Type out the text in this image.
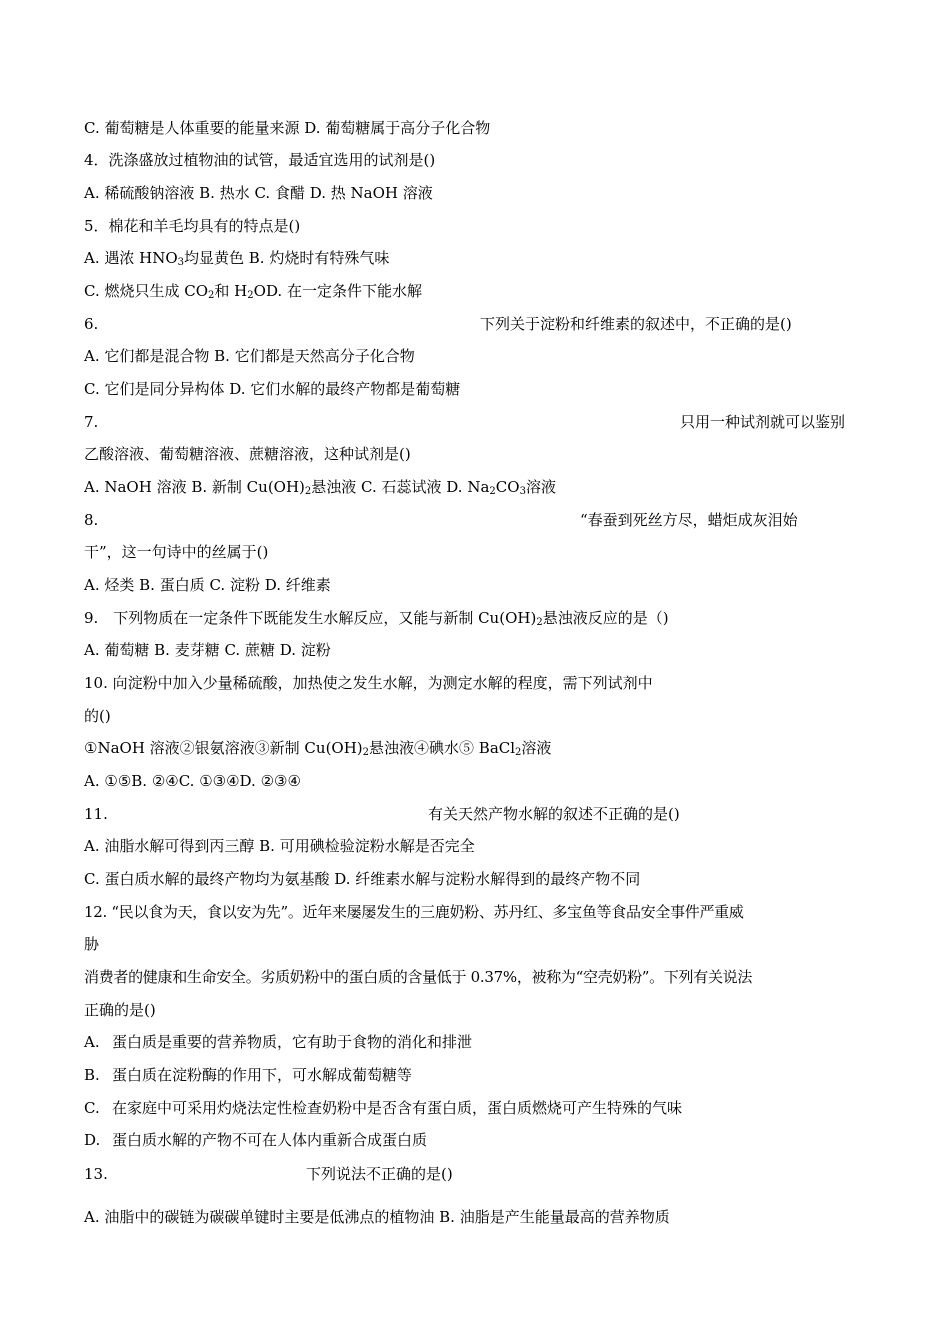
C. 葡萄糖是人体重要的能量来源 D. 葡萄糖属于高分子化合物
4．洗涤盛放过植物油的试管，最适宜选用的试剂是()
A. 稀硫酸钠溶液 B. 热水 C. 食醋 D. 热 NaOH 溶液
5．棉花和羊毛均具有的特点是()
A. 遇浓 $HNO_3$均显黄色 B. 灼烧时有特殊气味
C. 燃烧只生成 $CO_2$和 $H_2OD$. 在一定条件下能水解
6.	下列关于淀粉和纤维素的叙述中，不正确的是()
A. 它们都是混合物 B. 它们都是天然高分子化合物
C. 它们是同分异构体 D. 它们水解的最终产物都是葡萄糖
7.	只用一种试剂就可以鉴别
乙酸溶液、葡萄糖溶液、蔗糖溶液，这种试剂是()
A. NaOH 溶液 B. 新制 $Cu(OH)_2$悬浊液 C. 石蕊试液 D. $Na_2CO_3$溶液
8.	“春蚕到死丝方尽，蜡炬成灰泪始
干”，这一句诗中的丝属于()
A. 烃类 B. 蛋白质 C. 淀粉 D. 纤维素
9.　下列物质在一定条件下既能发生水解反应，又能与新制 $Cu(OH)_2$悬浊液反应的是（)
A. 葡萄糖 B. 麦芽糖 C. 蔗糖 D. 淀粉
10. 向淀粉中加入少量稀硫酸，加热使之发生水解，为测定水解的程度，需下列试剂中
的()
①NaOH 溶液②银氨溶液③新制 $Cu(OH)_2$悬浊液④碘水⑤ BaCl$_2$溶液
A. ①⑤B. ②④C. ①③④D. ②③④
11.	有关天然产物水解的叙述不正确的是()
A. 油脂水解可得到丙三醇 B. 可用碘检验淀粉水解是否完全
C. 蛋白质水解的最终产物均为氨基酸 D. 纤维素水解与淀粉水解得到的最终产物不同
12. “民以食为天，食以安为先”。近年来屡屡发生的三鹿奶粉、苏丹红、多宝鱼等食品安全事件严重威
胁
消费者的健康和生命安全。劣质奶粉中的蛋白质的含量低于 0.37%，被称为“空壳奶粉”。下列有关说法
正确的是()
A. 蛋白质是重要的营养物质，它有助于食物的消化和排泄
B. 蛋白质在淀粉酶的作用下，可水解成葡萄糖等
C. 在家庭中可采用灼烧法定性检查奶粉中是否含有蛋白质，蛋白质燃烧可产生特殊的气味
D. 蛋白质水解的产物不可在人体内重新合成蛋白质
13.	下列说法不正确的是()
A. 油脂中的碳链为碳碳单键时主要是低沸点的植物油 B. 油脂是产生能量最高的营养物质
